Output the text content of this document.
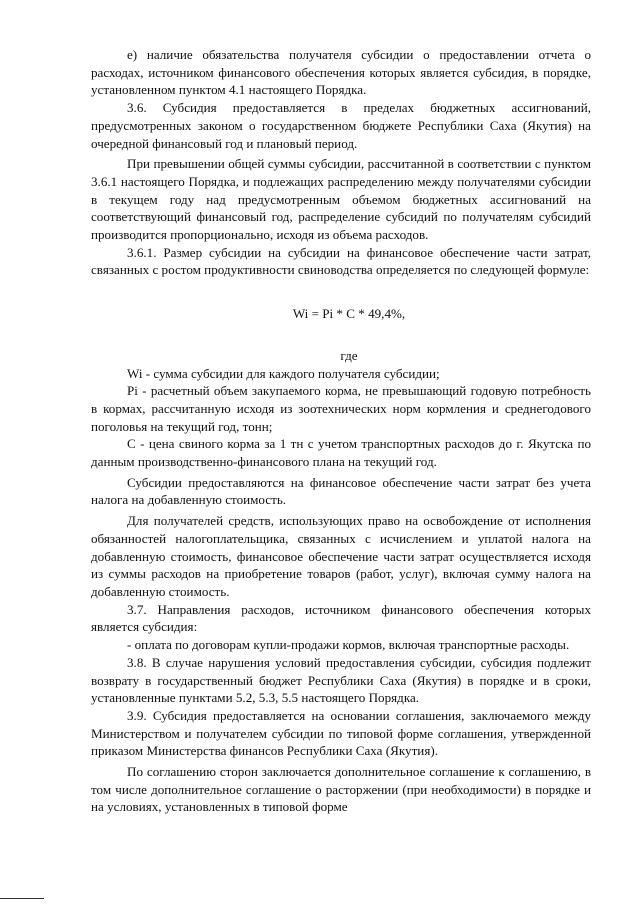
е) наличие обязательства получателя субсидии о предоставлении отчета о расходах, источником финансового обеспечения которых является субсидия, в порядке, установленном пунктом 4.1 настоящего Порядка.

3.6. Субсидия предоставляется в пределах бюджетных ассигнований, предусмотренных законом о государственном бюджете Республики Саха (Якутия) на очередной финансовый год и плановый период.

При превышении общей суммы субсидии, рассчитанной в соответствии с пунктом 3.6.1 настоящего Порядка, и подлежащих распределению между получателями субсидии в текущем году над предусмотренным объемом бюджетных ассигнований на соответствующий финансовый год, распределение субсидий по получателям субсидий производится пропорционально, исходя из объема расходов.

3.6.1. Размер субсидии на субсидии на финансовое обеспечение части затрат, связанных с ростом продуктивности свиноводства определяется по следующей формуле:

Wi = Pi * C * 49,4%,

где

Wi - сумма субсидии для каждого получателя субсидии;

Pi - расчетный объем закупаемого корма, не превышающий годовую потребность в кормах, рассчитанную исходя из зоотехнических норм кормления и среднегодового поголовья на текущий год, тонн;

С - цена свиного корма за 1 тн с учетом транспортных расходов до г. Якутска по данным производственно-финансового плана на текущий год.

Субсидии предоставляются на финансовое обеспечение части затрат без учета налога на добавленную стоимость.

Для получателей средств, использующих право на освобождение от исполнения обязанностей налогоплательщика, связанных с исчислением и уплатой налога на добавленную стоимость, финансовое обеспечение части затрат осуществляется исходя из суммы расходов на приобретение товаров (работ, услуг), включая сумму налога на добавленную стоимость.

3.7. Направления расходов, источником финансового обеспечения которых является субсидия:

- оплата по договорам купли-продажи кормов, включая транспортные расходы.

3.8. В случае нарушения условий предоставления субсидии, субсидия подлежит возврату в государственный бюджет Республики Саха (Якутия) в порядке и в сроки, установленные пунктами 5.2, 5.3, 5.5 настоящего Порядка.

3.9. Субсидия предоставляется на основании соглашения, заключаемого между Министерством и получателем субсидии по типовой форме соглашения, утвержденной приказом Министерства финансов Республики Саха (Якутия).

По соглашению сторон заключается дополнительное соглашение к соглашению, в том числе дополнительное соглашение о расторжении (при необходимости) в порядке и на условиях, установленных в типовой форме
